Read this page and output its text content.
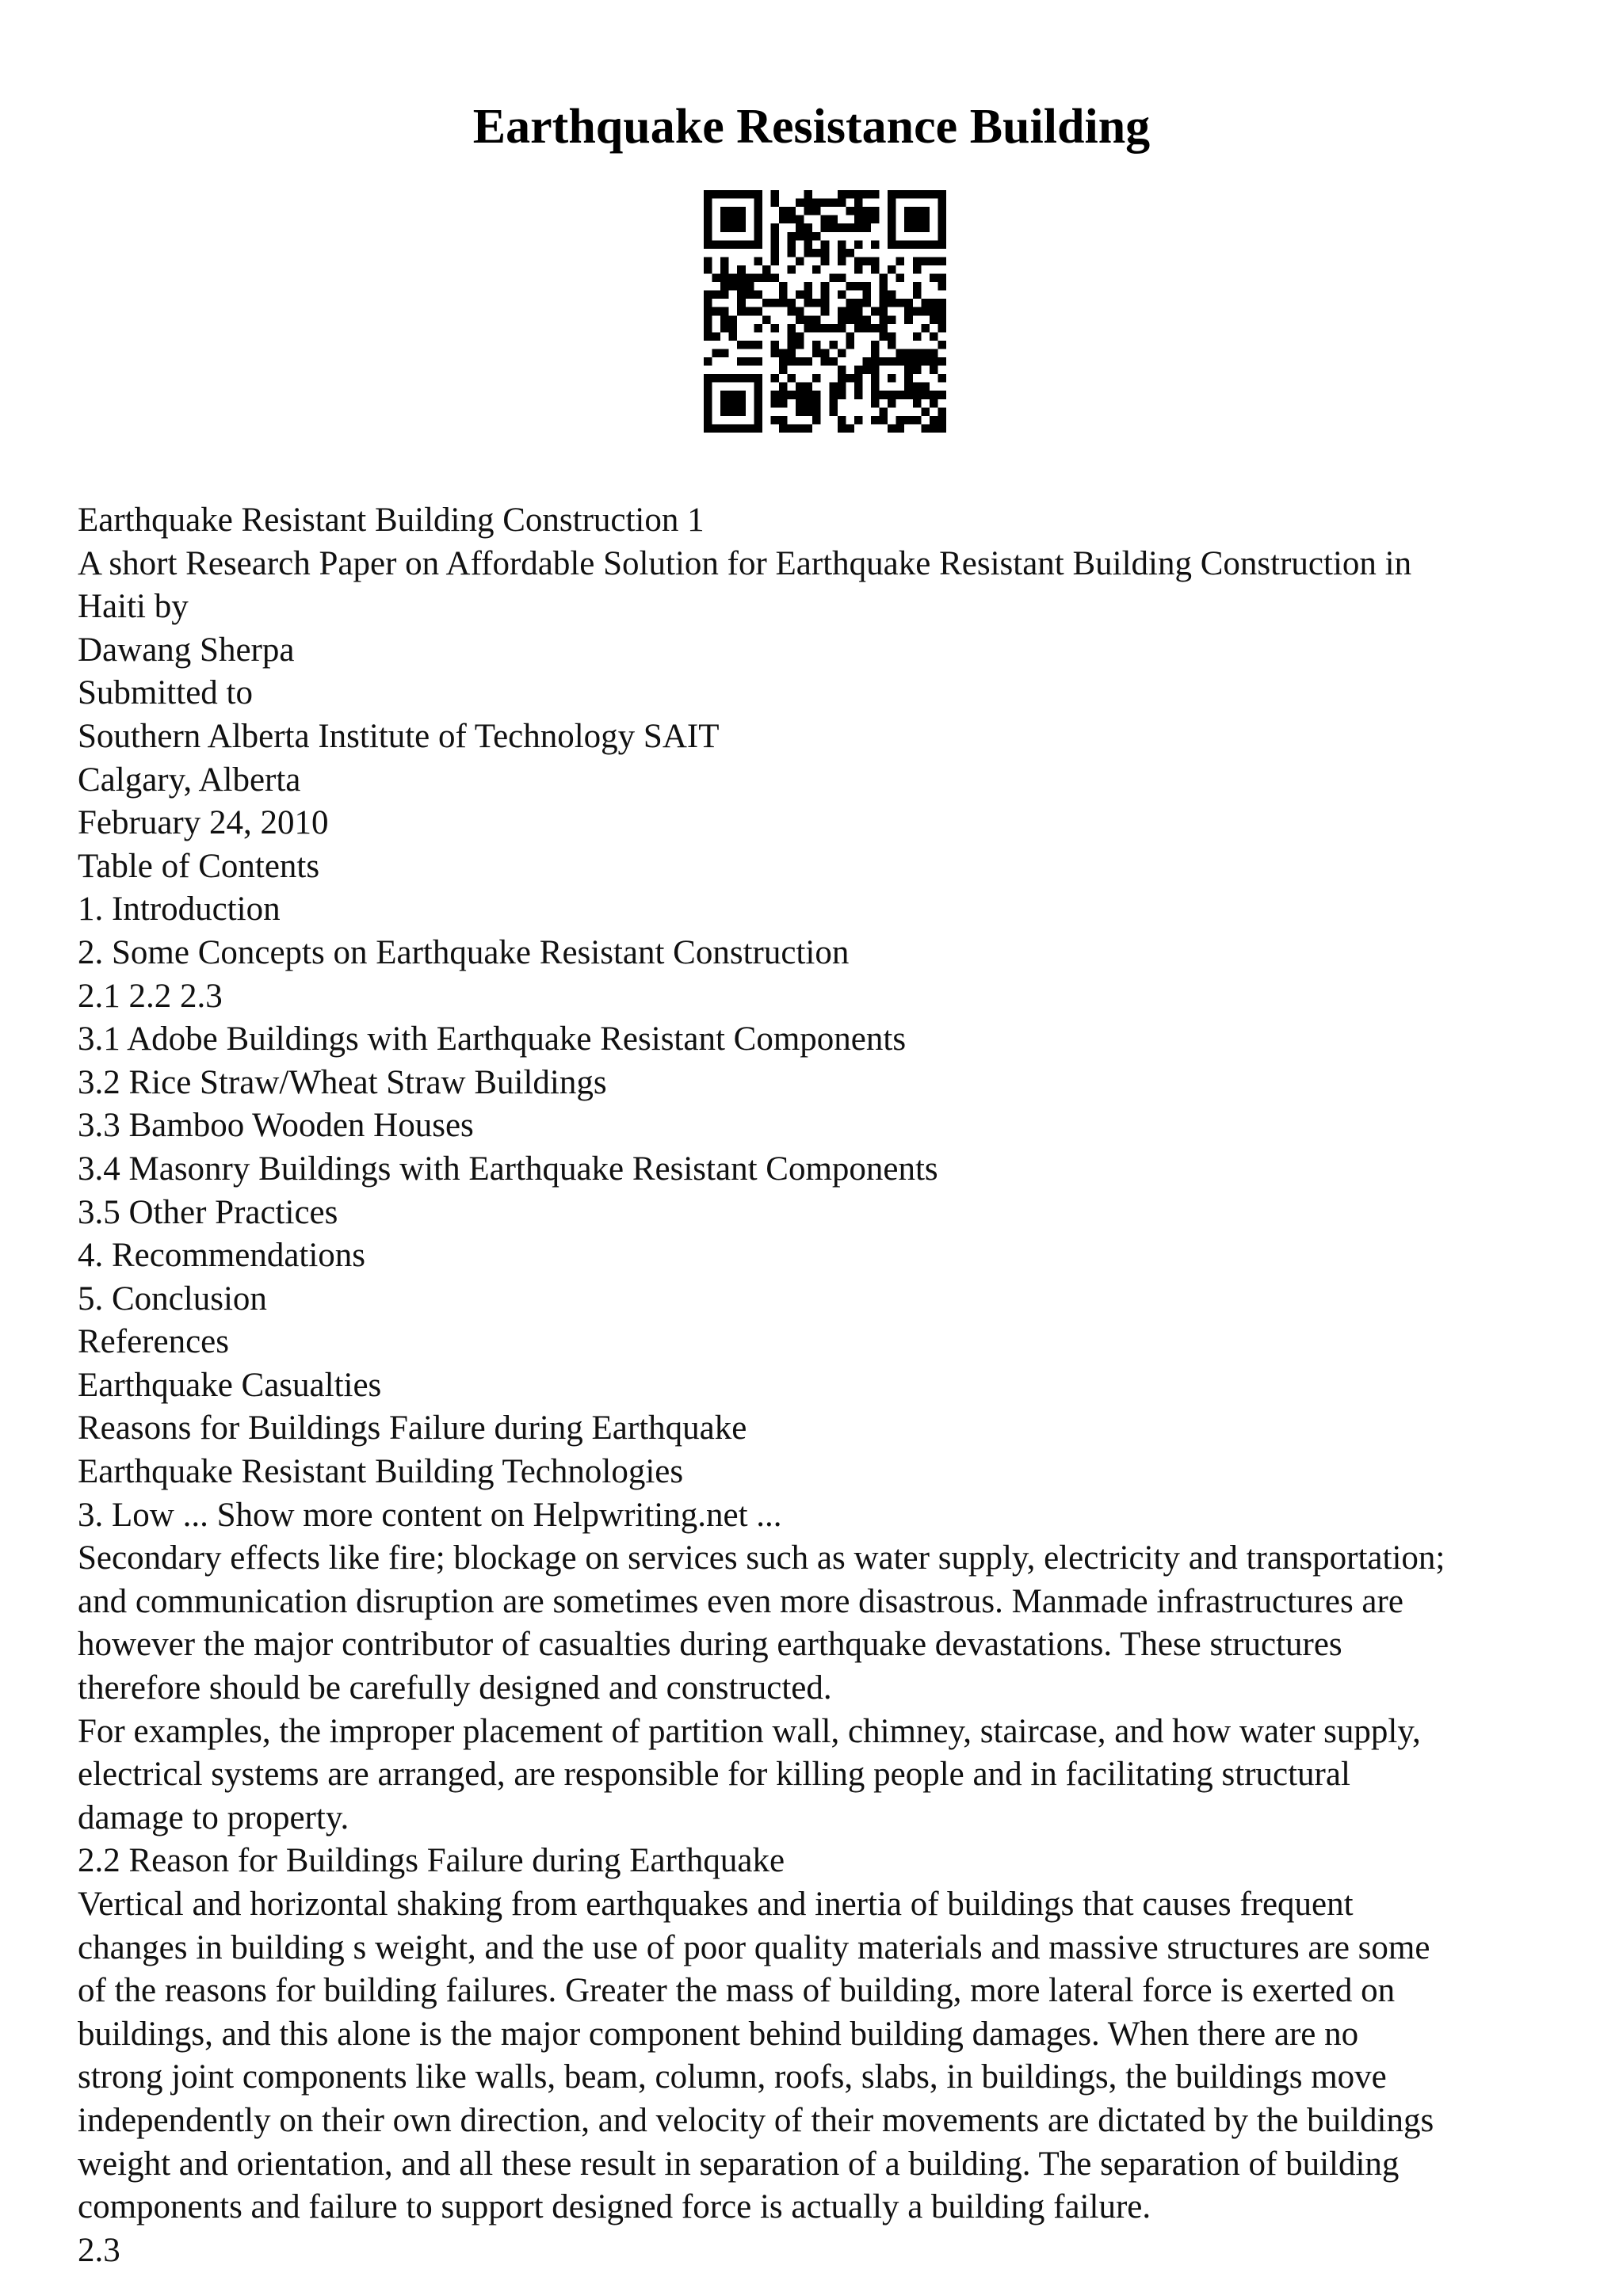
Earthquake Resistance Building
Earthquake Resistant Building Construction 1
A short Research Paper on Affordable Solution for Earthquake Resistant Building Construction in
Haiti by
Dawang Sherpa
Submitted to
Southern Alberta Institute of Technology SAIT
Calgary, Alberta
February 24, 2010
Table of Contents
1. Introduction
2. Some Concepts on Earthquake Resistant Construction
2.1 2.2 2.3
3.1 Adobe Buildings with Earthquake Resistant Components
3.2 Rice Straw/Wheat Straw Buildings
3.3 Bamboo Wooden Houses
3.4 Masonry Buildings with Earthquake Resistant Components
3.5 Other Practices
4. Recommendations
5. Conclusion
References
Earthquake Casualties
Reasons for Buildings Failure during Earthquake
Earthquake Resistant Building Technologies
3. Low ... Show more content on Helpwriting.net ...
Secondary effects like fire; blockage on services such as water supply, electricity and transportation;
and communication disruption are sometimes even more disastrous. Manmade infrastructures are
however the major contributor of casualties during earthquake devastations. These structures
therefore should be carefully designed and constructed.
For examples, the improper placement of partition wall, chimney, staircase, and how water supply,
electrical systems are arranged, are responsible for killing people and in facilitating structural
damage to property.
2.2 Reason for Buildings Failure during Earthquake
Vertical and horizontal shaking from earthquakes and inertia of buildings that causes frequent
changes in building s weight, and the use of poor quality materials and massive structures are some
of the reasons for building failures. Greater the mass of building, more lateral force is exerted on
buildings, and this alone is the major component behind building damages. When there are no
strong joint components like walls, beam, column, roofs, slabs, in buildings, the buildings move
independently on their own direction, and velocity of their movements are dictated by the buildings
weight and orientation, and all these result in separation of a building. The separation of building
components and failure to support designed force is actually a building failure.
2.3
